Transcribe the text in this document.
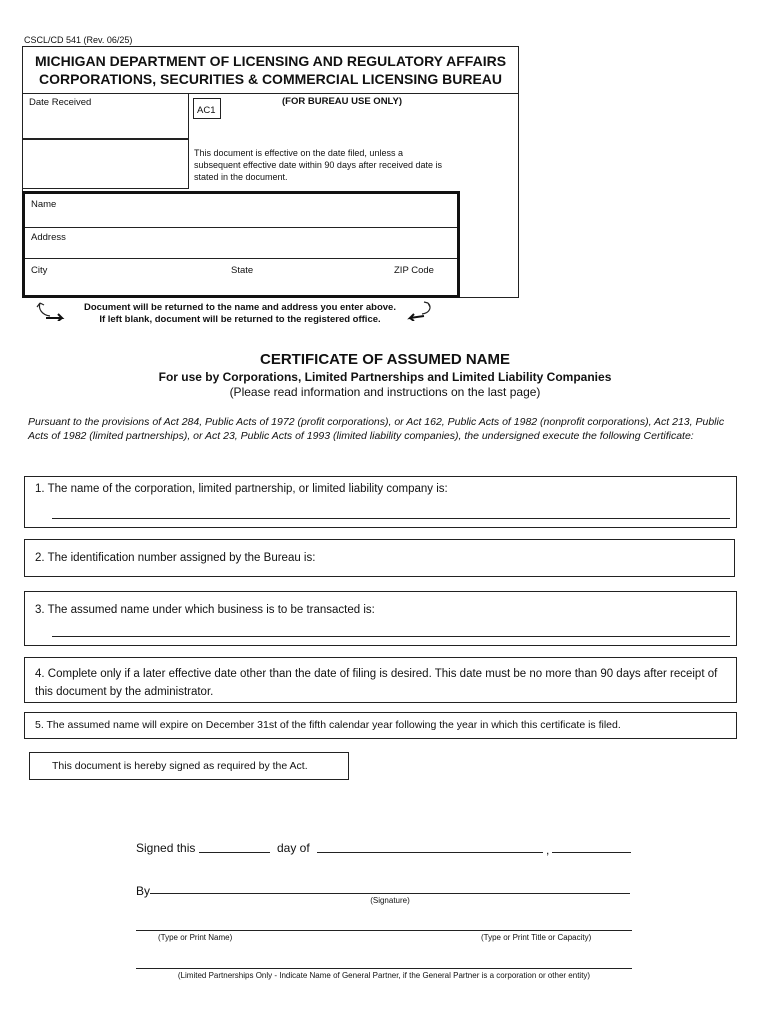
CSCL/CD 541 (Rev. 06/25)
MICHIGAN DEPARTMENT OF LICENSING AND REGULATORY AFFAIRS
CORPORATIONS, SECURITIES & COMMERCIAL LICENSING BUREAU
Date Received
AC1
(FOR BUREAU USE ONLY)
This document is effective on the date filed, unless a subsequent effective date within 90 days after received date is stated in the document.
Name
Address
City	State	ZIP Code
Document will be returned to the name and address you enter above.
If left blank, document will be returned to the registered office.
CERTIFICATE OF ASSUMED NAME
For use by Corporations, Limited Partnerships and Limited Liability Companies
(Please read information and instructions on the last page)
Pursuant to the provisions of Act 284, Public Acts of 1972 (profit corporations), or Act 162, Public Acts of 1982 (nonprofit corporations), Act 213, Public Acts of 1982 (limited partnerships), or Act 23, Public Acts of 1993 (limited liability companies), the undersigned execute the following Certificate:
1. The name of the corporation, limited partnership, or limited liability company is:
2. The identification number assigned by the Bureau is:
3. The assumed name under which business is to be transacted is:
4. Complete only if a later effective date other than the date of filing is desired. This date must be no more than 90 days after receipt of this document by the administrator.
5. The assumed name will expire on December 31st of the fifth calendar year following the year in which this certificate is filed.
This document is hereby signed as required by the Act.
Signed this	day of	,
By
(Signature)
(Type or Print Name)	(Type or Print Title or Capacity)
(Limited Partnerships Only - Indicate Name of General Partner, if the General Partner is a corporation or other entity)
